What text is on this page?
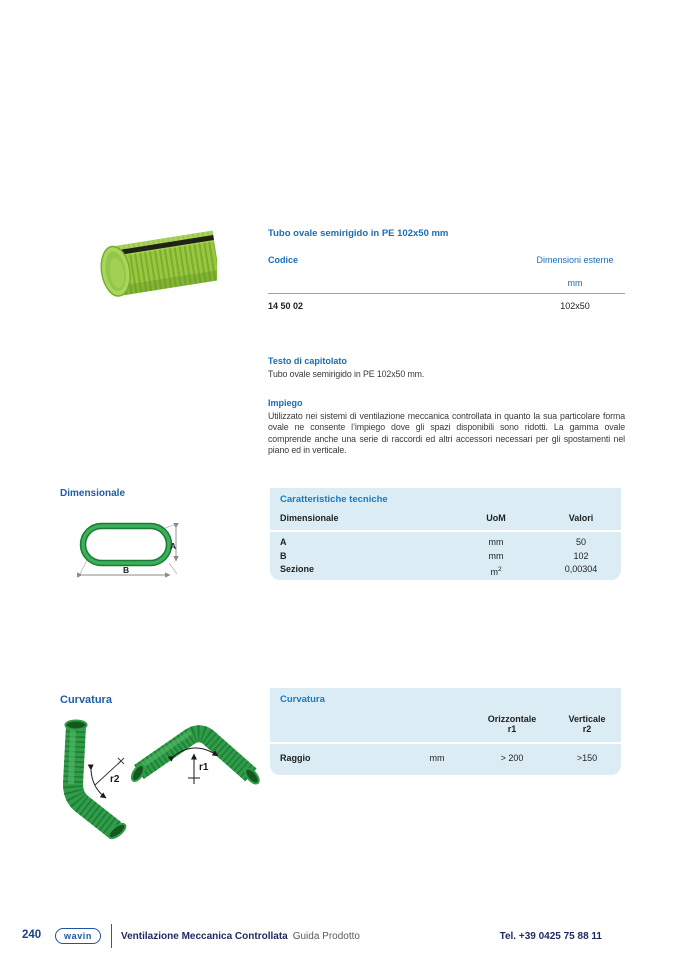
Tubo ovale semirigido in PE 102x50 mm
Codice	Dimensioni esterne
mm
14 50 02	102x50
Testo di capitolato

Tubo ovale semirigido in PE 102x50 mm.

Impiego

Utilizzato nei sistemi di ventilazione meccanica controllata in quanto la sua particolare forma ovale ne consente l’impiego dove gli spazi disponibili sono ridotti. La gamma ovale comprende anche una serie di raccordi ed altri accessori necessari per gli spostamenti nel piano ed in verticale.

Dimensionale
A
B
Caratteristiche tecniche
Dimensionale	UoM	Valori
A	mm	50
B	mm	102
Sezione	$m^2$	0,00304
Curvatura
r2
r1
Curvatura
Orizzontale
r1
Verticale
r2
Raggio	mm	> 200	>150
240	wavin	Ventilazione Meccanica Controllata Guida Prodotto	Tel. +39 0425 75 88 11
